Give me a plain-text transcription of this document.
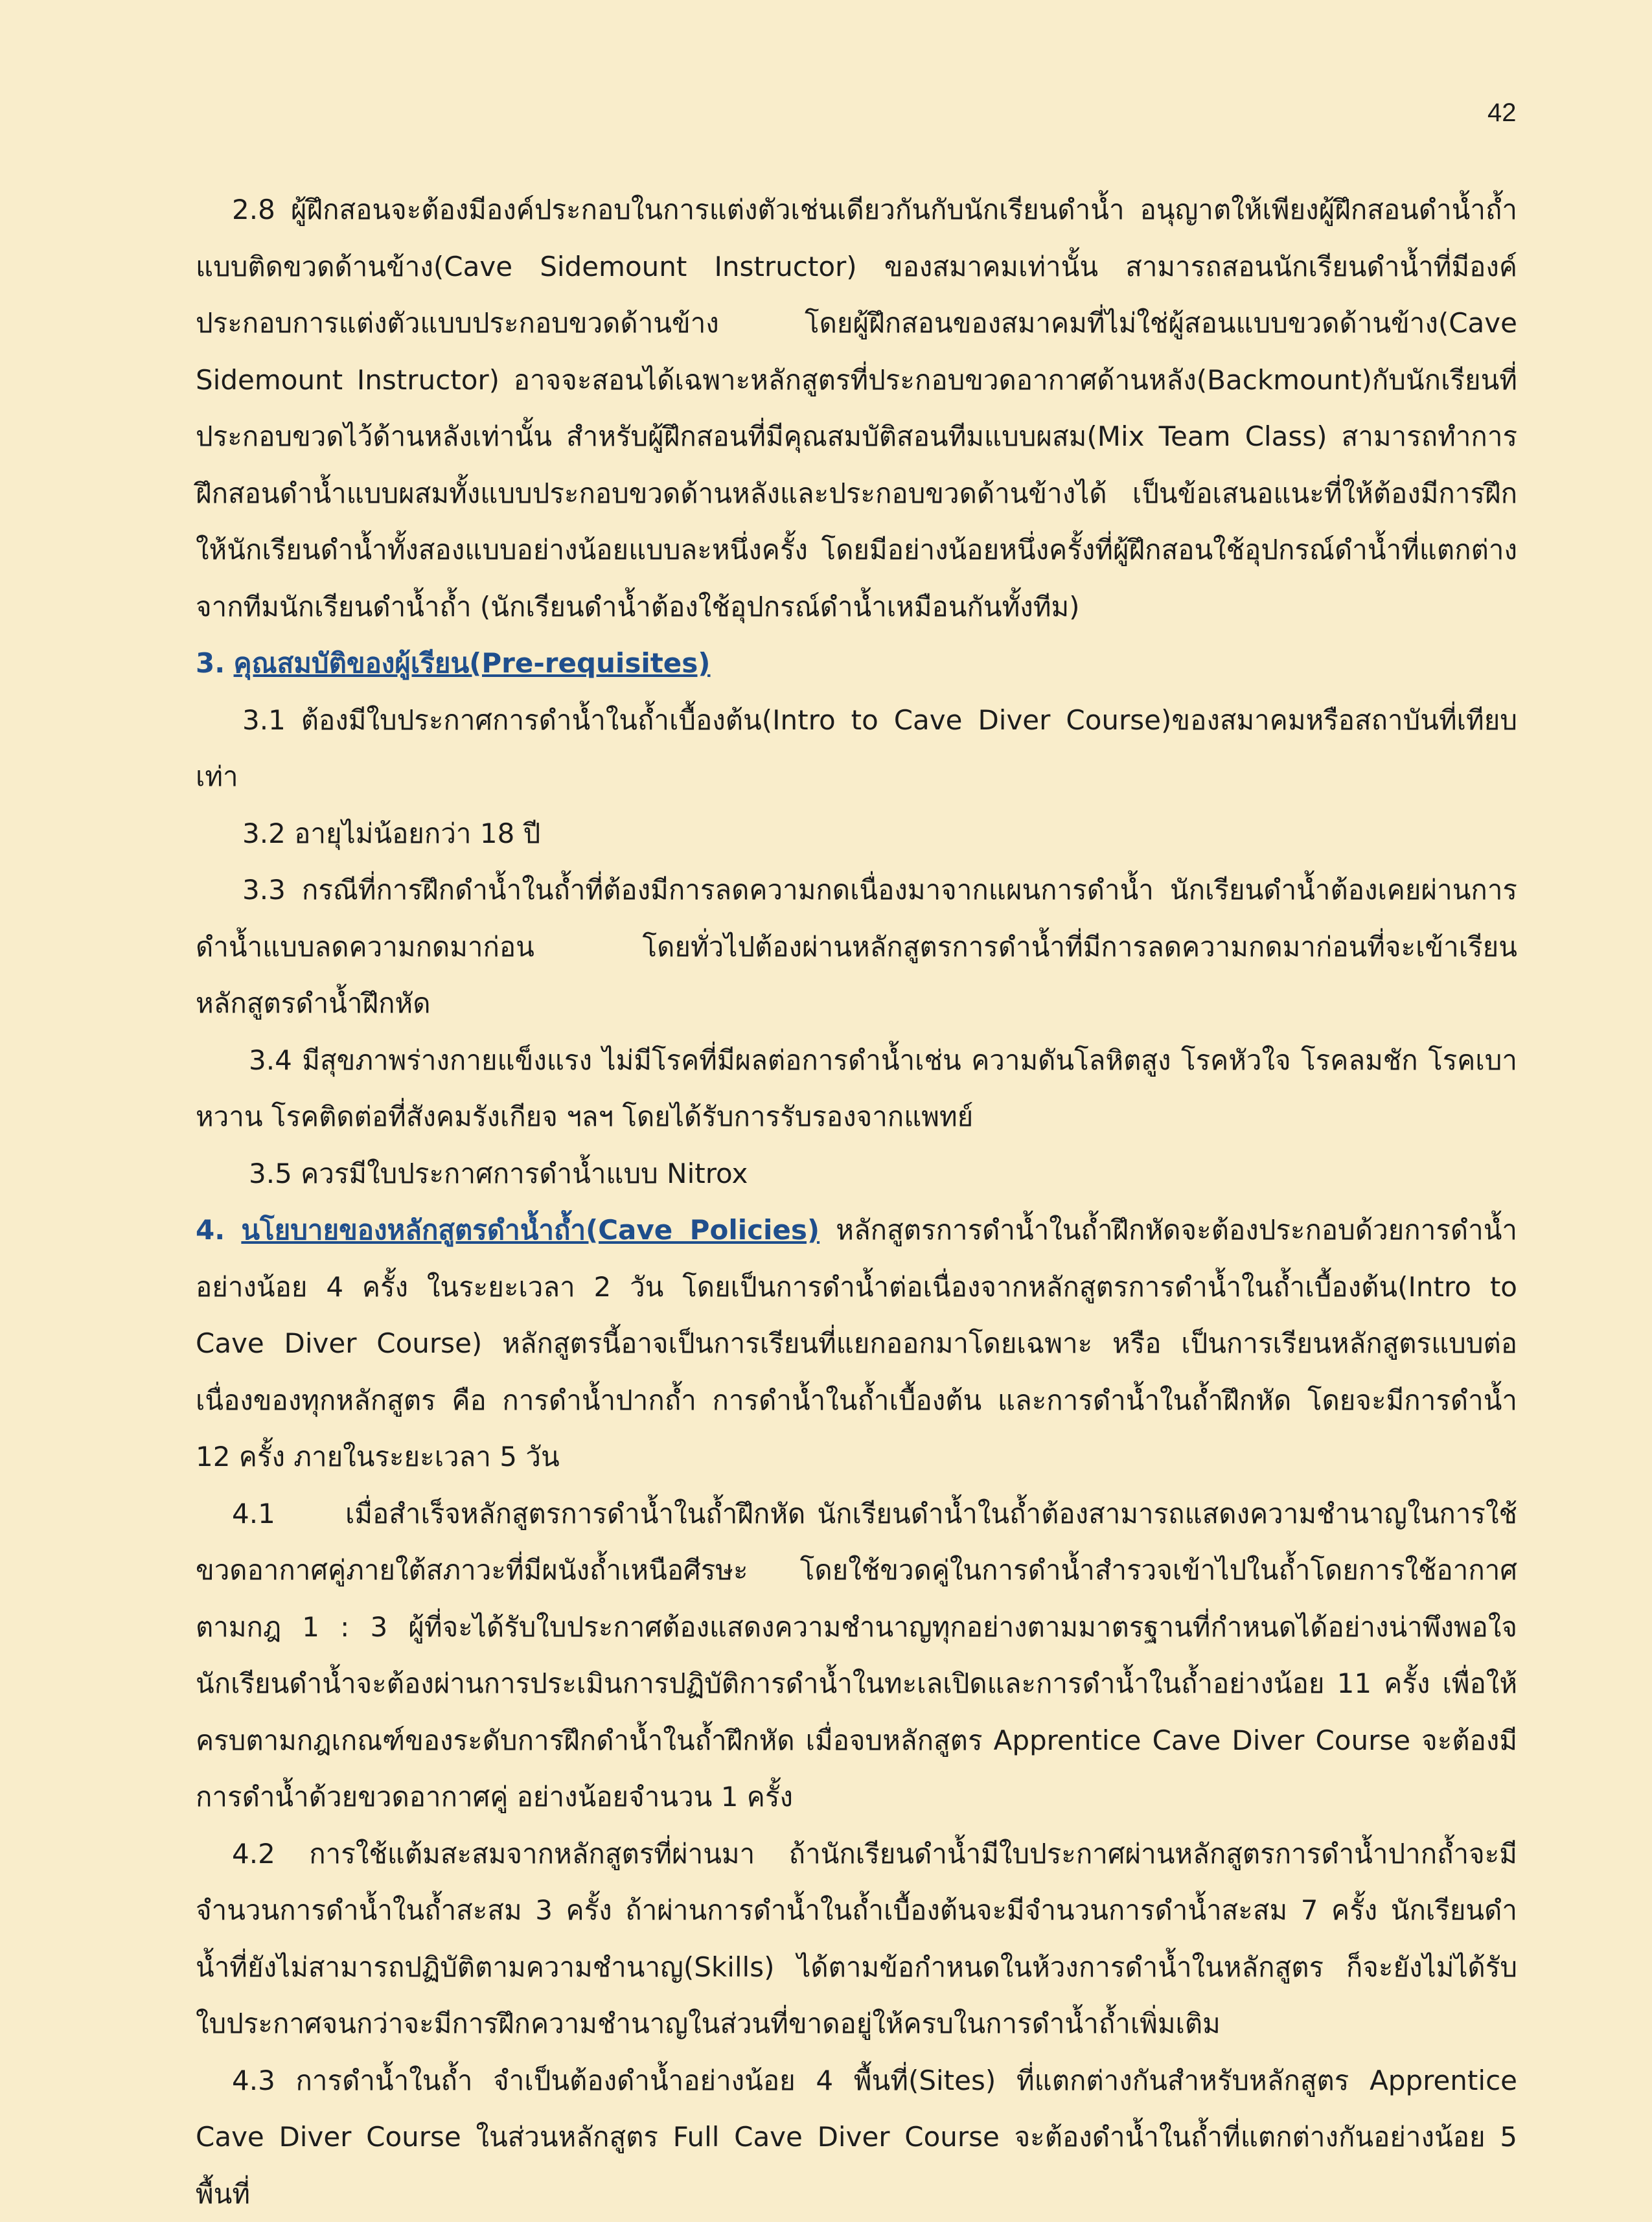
42

2.8 ผู้ฝึกสอนจะต้องมีองค์ประกอบในการแต่งตัวเช่นเดียวกันกับนักเรียนดำน้ำ อนุญาตให้เพียงผู้ฝึกสอนดำน้ำถ้ำแบบติดขวดด้านข้าง(Cave Sidemount Instructor) ของสมาคมเท่านั้น สามารถสอนนักเรียนดำน้ำที่มีองค์ประกอบการแต่งตัวแบบประกอบขวดด้านข้าง โดยผู้ฝึกสอนของสมาคมที่ไม่ใช่ผู้สอนแบบขวดด้านข้าง(Cave Sidemount Instructor) อาจจะสอนได้เฉพาะหลักสูตรที่ประกอบขวดอากาศด้านหลัง(Backmount)กับนักเรียนที่ประกอบขวดไว้ด้านหลังเท่านั้น สำหรับผู้ฝึกสอนที่มีคุณสมบัติสอนทีมแบบผสม(Mix Team Class) สามารถทำการฝึกสอนดำน้ำแบบผสมทั้งแบบประกอบขวดด้านหลังและประกอบขวดด้านข้างได้ เป็นข้อเสนอแนะที่ให้ต้องมีการฝึกให้นักเรียนดำน้ำทั้งสองแบบอย่างน้อยแบบละหนึ่งครั้ง โดยมีอย่างน้อยหนึ่งครั้งที่ผู้ฝึกสอนใช้อุปกรณ์ดำน้ำที่แตกต่างจากทีมนักเรียนดำน้ำถ้ำ (นักเรียนดำน้ำต้องใช้อุปกรณ์ดำน้ำเหมือนกันทั้งทีม)

3. คุณสมบัติของผู้เรียน(Pre-requisites)

3.1 ต้องมีใบประกาศการดำน้ำในถ้ำเบื้องต้น(Intro to Cave Diver Course)ของสมาคมหรือสถาบันที่เทียบเท่า

3.2 อายุไม่น้อยกว่า 18 ปี

3.3 กรณีที่การฝึกดำน้ำในถ้ำที่ต้องมีการลดความกดเนื่องมาจากแผนการดำน้ำ นักเรียนดำน้ำต้องเคยผ่านการดำน้ำแบบลดความกดมาก่อน โดยทั่วไปต้องผ่านหลักสูตรการดำน้ำที่มีการลดความกดมาก่อนที่จะเข้าเรียนหลักสูตรดำน้ำฝึกหัด

3.4 มีสุขภาพร่างกายแข็งแรง ไม่มีโรคที่มีผลต่อการดำน้ำเช่น ความดันโลหิตสูง โรคหัวใจ โรคลมชัก โรคเบาหวาน โรคติดต่อที่สังคมรังเกียจ ฯลฯ โดยได้รับการรับรองจากแพทย์

3.5 ควรมีใบประกาศการดำน้ำแบบ Nitrox

4. นโยบายของหลักสูตรดำน้ำถ้ำ(Cave Policies) หลักสูตรการดำน้ำในถ้ำฝึกหัดจะต้องประกอบด้วยการดำน้ำอย่างน้อย 4 ครั้ง ในระยะเวลา 2 วัน โดยเป็นการดำน้ำต่อเนื่องจากหลักสูตรการดำน้ำในถ้ำเบื้องต้น(Intro to Cave Diver Course) หลักสูตรนี้อาจเป็นการเรียนที่แยกออกมาโดยเฉพาะ หรือ เป็นการเรียนหลักสูตรแบบต่อเนื่องของทุกหลักสูตร คือ การดำน้ำปากถ้ำ การดำน้ำในถ้ำเบื้องต้น และการดำน้ำในถ้ำฝึกหัด โดยจะมีการดำน้ำ 12 ครั้ง ภายในระยะเวลา 5 วัน

4.1      เมื่อสำเร็จหลักสูตรการดำน้ำในถ้ำฝึกหัด นักเรียนดำน้ำในถ้ำต้องสามารถแสดงความชำนาญในการใช้ขวดอากาศคู่ภายใต้สภาวะที่มีผนังถ้ำเหนือศีรษะ โดยใช้ขวดคู่ในการดำน้ำสำรวจเข้าไปในถ้ำโดยการใช้อากาศตามกฎ 1 : 3 ผู้ที่จะได้รับใบประกาศต้องแสดงความชำนาญทุกอย่างตามมาตรฐานที่กำหนดได้อย่างน่าพึงพอใจ นักเรียนดำน้ำจะต้องผ่านการประเมินการปฏิบัติการดำน้ำในทะเลเปิดและการดำน้ำในถ้ำอย่างน้อย 11 ครั้ง เพื่อให้ครบตามกฎเกณฑ์ของระดับการฝึกดำน้ำในถ้ำฝึกหัด เมื่อจบหลักสูตร Apprentice Cave Diver Course จะต้องมีการดำน้ำด้วยขวดอากาศคู่ อย่างน้อยจำนวน 1 ครั้ง

4.2 การใช้แต้มสะสมจากหลักสูตรที่ผ่านมา ถ้านักเรียนดำน้ำมีใบประกาศผ่านหลักสูตรการดำน้ำปากถ้ำจะมีจำนวนการดำน้ำในถ้ำสะสม 3 ครั้ง ถ้าผ่านการดำน้ำในถ้ำเบื้องต้นจะมีจำนวนการดำน้ำสะสม 7 ครั้ง นักเรียนดำน้ำที่ยังไม่สามารถปฏิบัติตามความชำนาญ(Skills) ได้ตามข้อกำหนดในห้วงการดำน้ำในหลักสูตร ก็จะยังไม่ได้รับใบประกาศจนกว่าจะมีการฝึกความชำนาญในส่วนที่ขาดอยู่ให้ครบในการดำน้ำถ้ำเพิ่มเติม

4.3 การดำน้ำในถ้ำ จำเป็นต้องดำน้ำอย่างน้อย 4 พื้นที่(Sites) ที่แตกต่างกันสำหรับหลักสูตร Apprentice Cave Diver Course ในส่วนหลักสูตร Full Cave Diver Course จะต้องดำน้ำในถ้ำที่แตกต่างกันอย่างน้อย 5 พื้นที่
